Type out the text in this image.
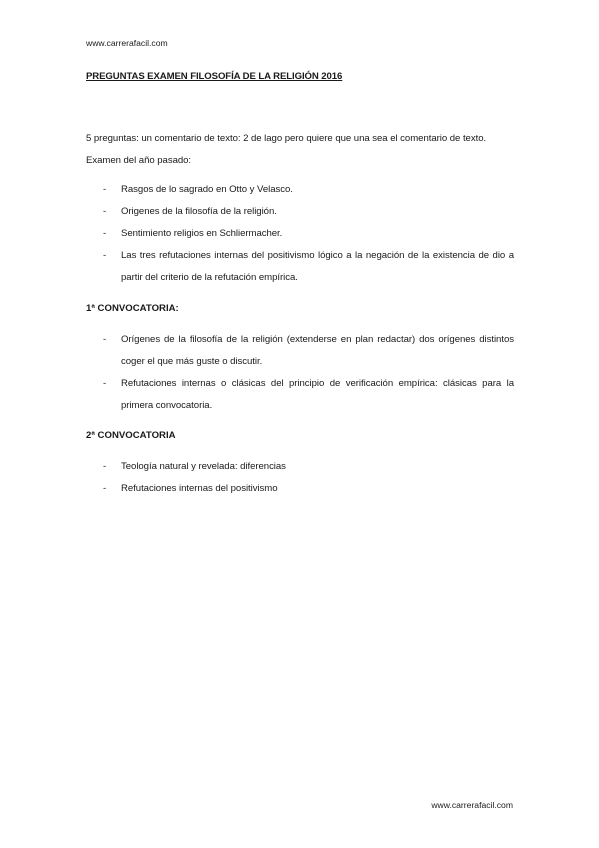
www.carrerafacil.com
PREGUNTAS EXAMEN FILOSOFÍA DE LA RELIGIÓN 2016
5 preguntas: un comentario de texto: 2 de lago pero quiere que una sea el comentario de texto. Examen del año pasado:
- Rasgos de lo sagrado en Otto y Velasco.
- Origenes de la filosofía de la religión.
- Sentimiento religios en Schliermacher.
- Las tres refutaciones internas del positivismo lógico a la negación de la existencia de dio a partir del criterio de la refutación empírica.
1ª CONVOCATORIA:
- Orígenes de la filosofía de la religión (extenderse en plan redactar) dos orígenes distintos coger el que más guste o discutir.
- Refutaciones internas o clásicas del principio de verificación empírica: clásicas para la primera convocatoria.
2ª CONVOCATORIA
- Teología natural y revelada: diferencias
- Refutaciones internas del positivismo
www.carrerafacil.com
